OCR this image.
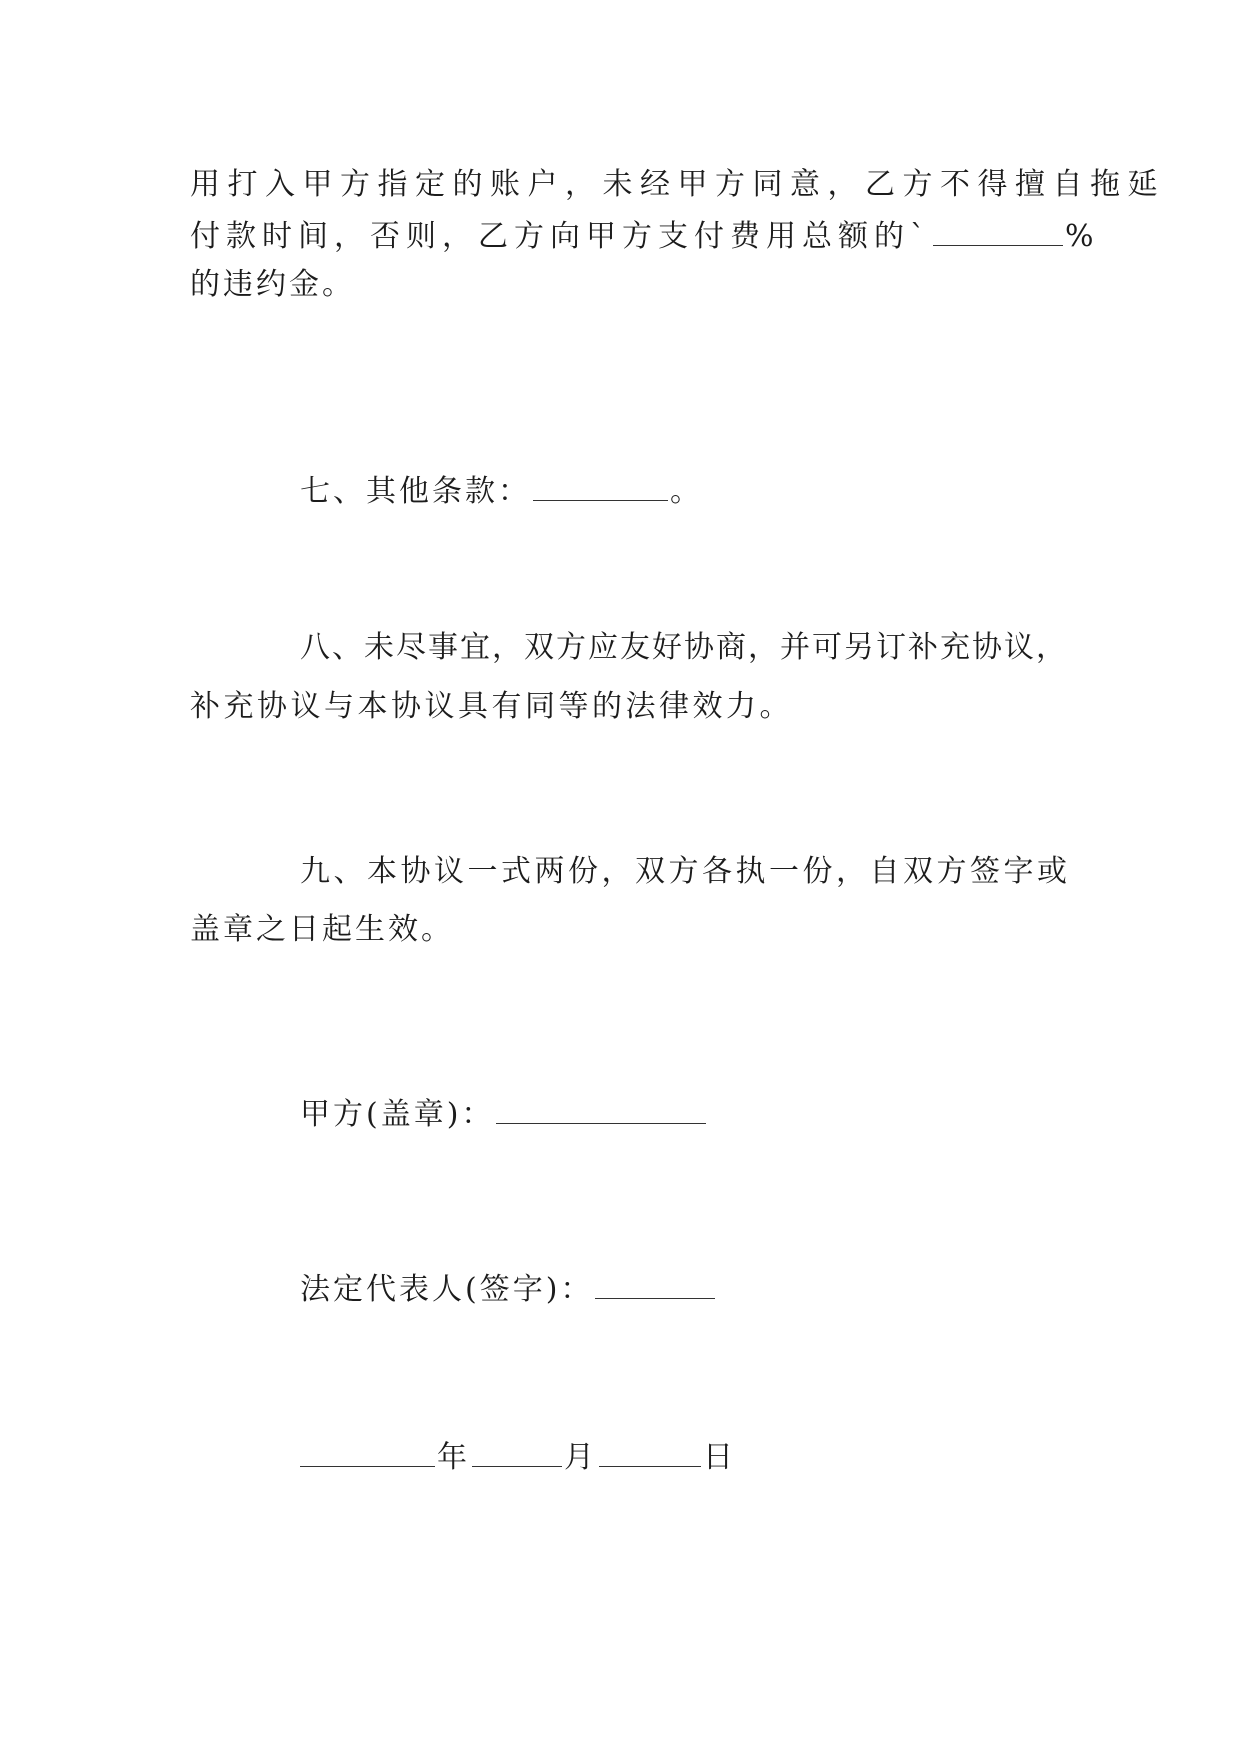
用打入甲方指定的账户，未经甲方同意，乙方不得擅自拖延
付款时间，否则，乙方向甲方支付费用总额的`	%
的违约金。
七、其他条款：	。
八、未尽事宜，双方应友好协商，并可另订补充协议，
补充协议与本协议具有同等的法律效力。
九、本协议一式两份，双方各执一份，自双方签字或
盖章之日起生效。
甲方(盖章)：
法定代表人(签字)：
年	月	日
